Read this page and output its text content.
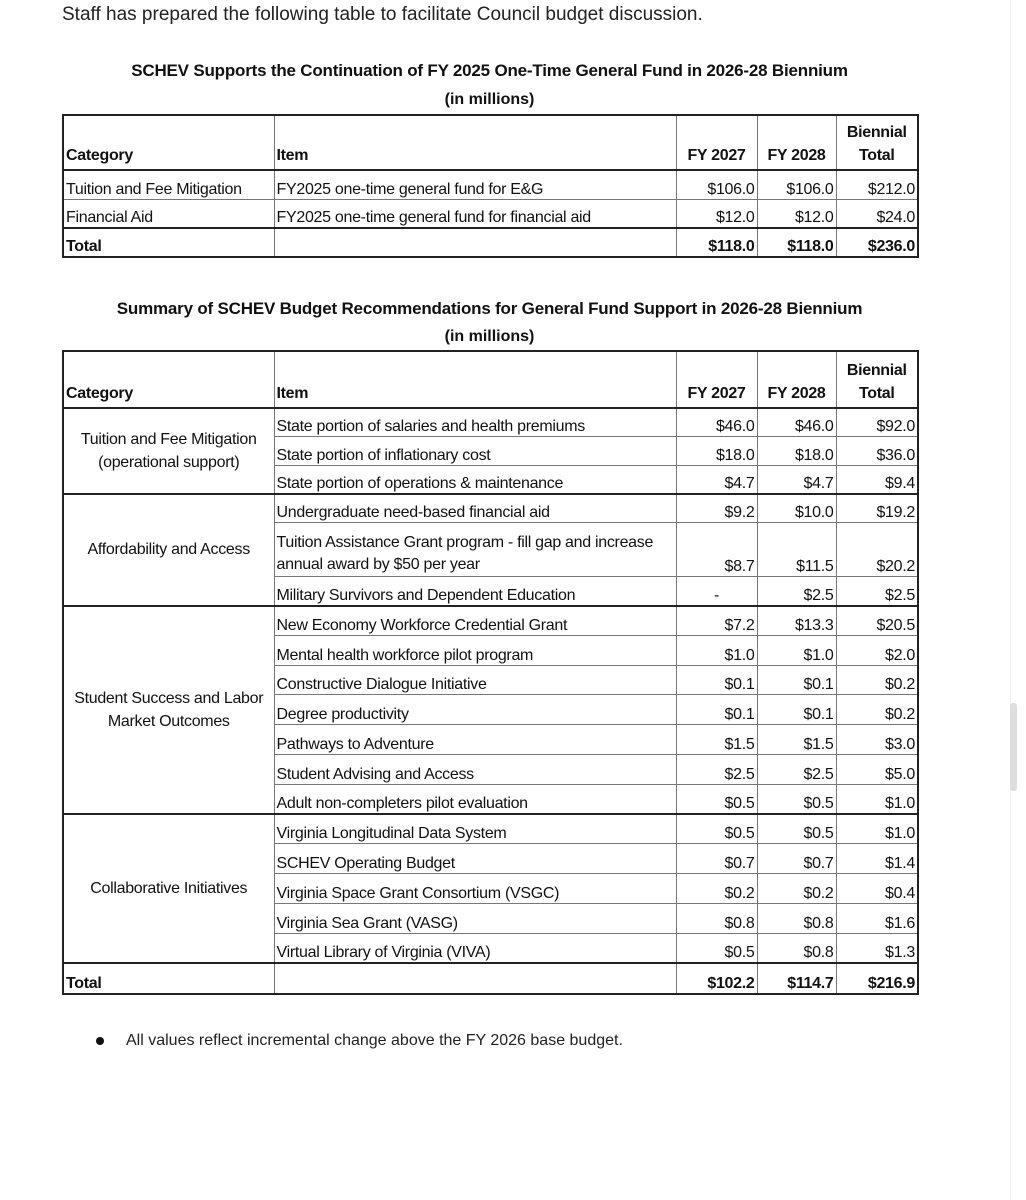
Staff has prepared the following table to facilitate Council budget discussion.
SCHEV Supports the Continuation of FY 2025 One-Time General Fund in 2026-28 Biennium
(in millions)
Category	Item	FY 2027	FY 2028	Biennial Total
Tuition and Fee Mitigation	FY2025 one-time general fund for E&G	$106.0	$106.0	$212.0
Financial Aid	FY2025 one-time general fund for financial aid	$12.0	$12.0	$24.0
Total		$118.0	$118.0	$236.0
Summary of SCHEV Budget Recommendations for General Fund Support in 2026-28 Biennium
(in millions)
Category	Item	FY 2027	FY 2028	Biennial Total
Tuition and Fee Mitigation (operational support)	State portion of salaries and health premiums	$46.0	$46.0	$92.0
	State portion of inflationary cost	$18.0	$18.0	$36.0
	State portion of operations & maintenance	$4.7	$4.7	$9.4
Affordability and Access	Undergraduate need-based financial aid	$9.2	$10.0	$19.2
	Tuition Assistance Grant program - fill gap and increase annual award by $50 per year	$8.7	$11.5	$20.2
	Military Survivors and Dependent Education	-	$2.5	$2.5
Student Success and Labor Market Outcomes	New Economy Workforce Credential Grant	$7.2	$13.3	$20.5
	Mental health workforce pilot program	$1.0	$1.0	$2.0
	Constructive Dialogue Initiative	$0.1	$0.1	$0.2
	Degree productivity	$0.1	$0.1	$0.2
	Pathways to Adventure	$1.5	$1.5	$3.0
	Student Advising and Access	$2.5	$2.5	$5.0
	Adult non-completers pilot evaluation	$0.5	$0.5	$1.0
Collaborative Initiatives	Virginia Longitudinal Data System	$0.5	$0.5	$1.0
	SCHEV Operating Budget	$0.7	$0.7	$1.4
	Virginia Space Grant Consortium (VSGC)	$0.2	$0.2	$0.4
	Virginia Sea Grant (VASG)	$0.8	$0.8	$1.6
	Virtual Library of Virginia (VIVA)	$0.5	$0.8	$1.3
Total		$102.2	$114.7	$216.9
All values reflect incremental change above the FY 2026 base budget.
